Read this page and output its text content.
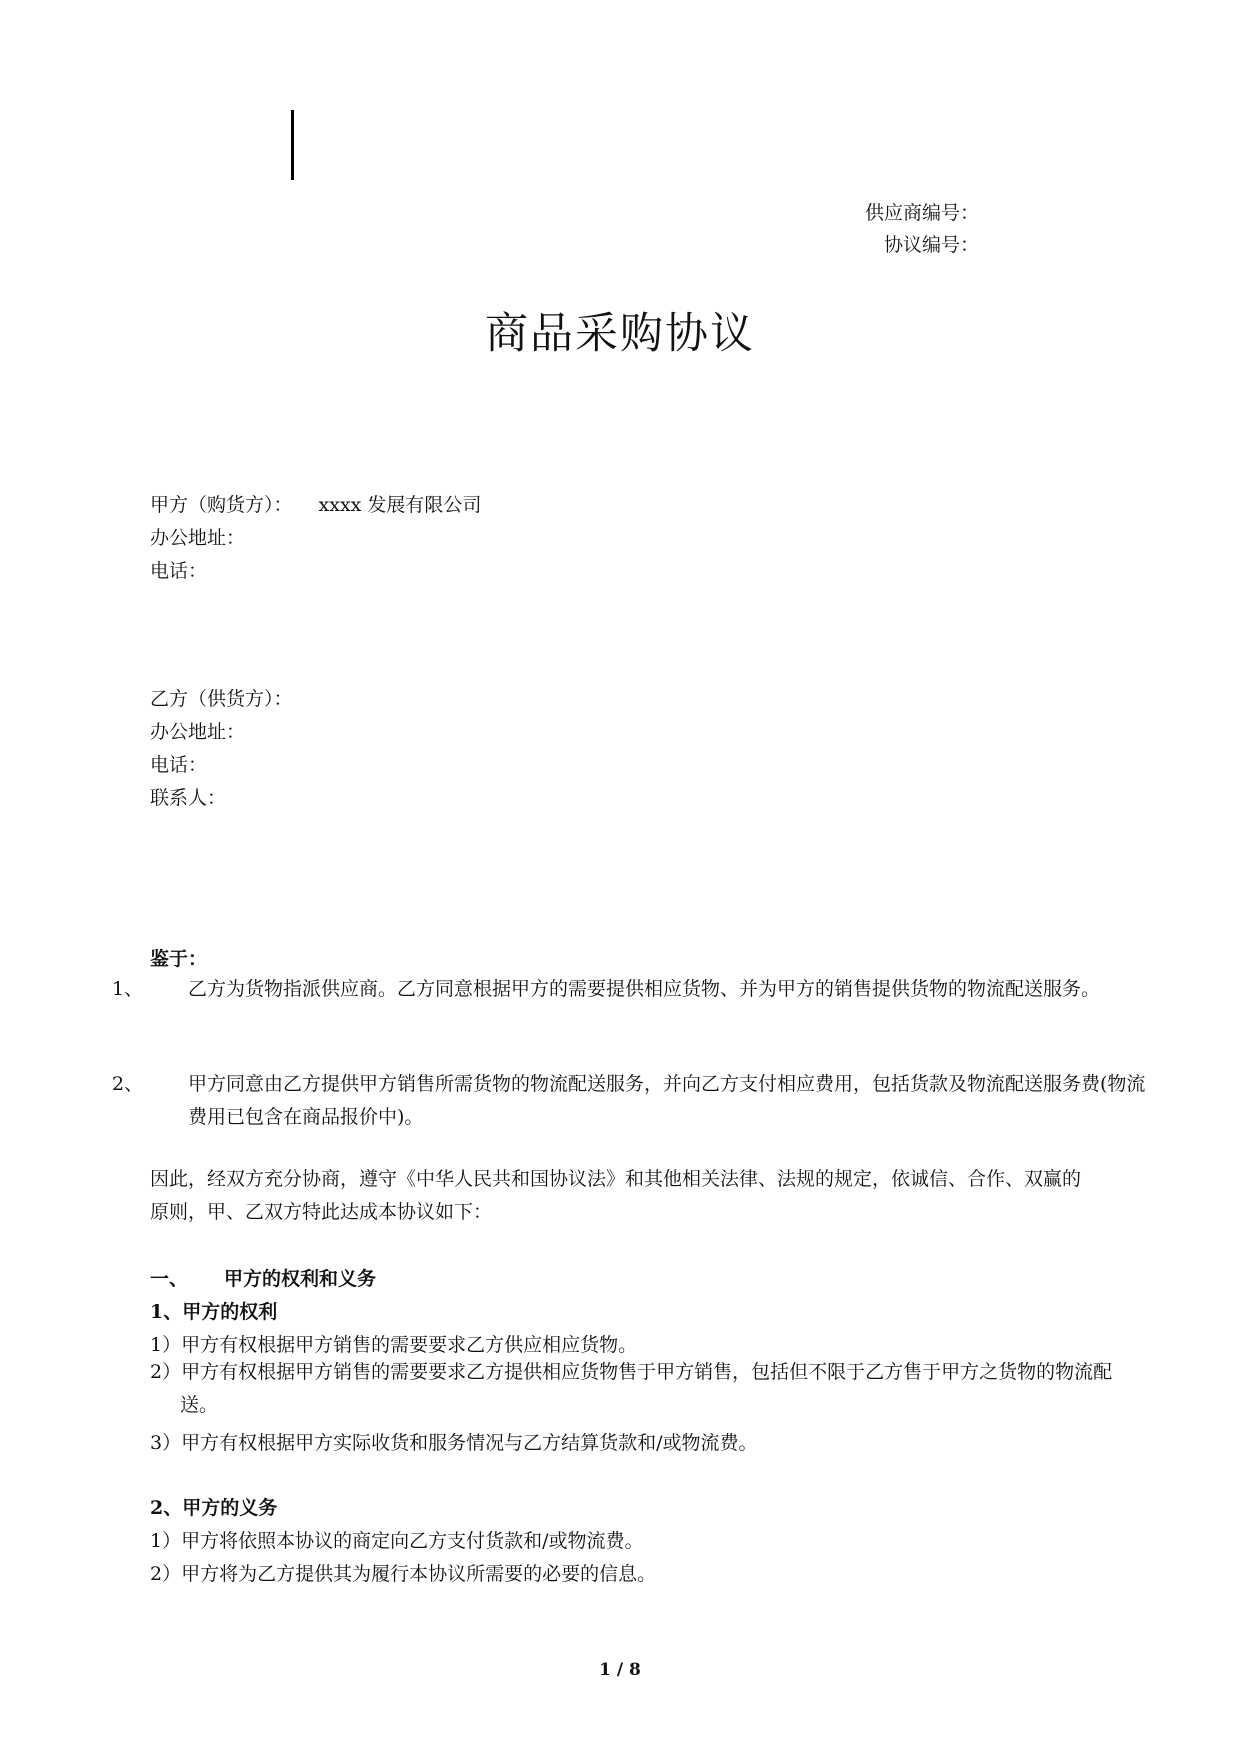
供应商编号：
协议编号：
商品采购协议
甲方（购货方）： xxxx 发展有限公司
办公地址：
电话：
乙方（供货方）：
办公地址：
电话：
联系人：
鉴于：
1、 乙方为货物指派供应商。乙方同意根据甲方的需要提供相应货物、并为甲方的销售提供货物的物流配送服务。
2、 甲方同意由乙方提供甲方销售所需货物的物流配送服务，并向乙方支付相应费用，包括货款及物流配送服务费(物流费用已包含在商品报价中)。
因此，经双方充分协商，遵守《中华人民共和国协议法》和其他相关法律、法规的规定，依诚信、合作、双赢的原则，甲、乙双方特此达成本协议如下：
一、 甲方的权利和义务
1、甲方的权利
1）甲方有权根据甲方销售的需要要求乙方供应相应货物。
2）甲方有权根据甲方销售的需要要求乙方提供相应货物售于甲方销售，包括但不限于乙方售于甲方之货物的物流配送。
3）甲方有权根据甲方实际收货和服务情况与乙方结算货款和/或物流费。
2、甲方的义务
1）甲方将依照本协议的商定向乙方支付货款和/或物流费。
2）甲方将为乙方提供其为履行本协议所需要的必要的信息。
1 / 8
